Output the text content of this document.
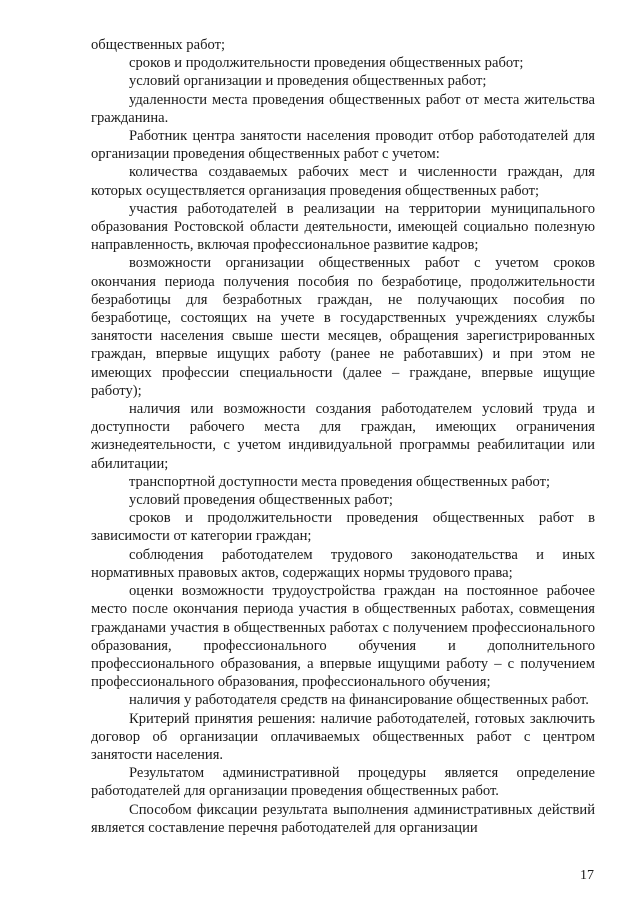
общественных работ;

сроков и продолжительности проведения общественных работ;

условий организации и проведения общественных работ;

удаленности места проведения общественных работ от места жительства гражданина.

Работник центра занятости населения проводит отбор работодателей для организации проведения общественных работ с учетом:

количества создаваемых рабочих мест и численности граждан, для которых осуществляется организация проведения общественных работ;

участия работодателей в реализации на территории муниципального образования Ростовской области деятельности, имеющей социально полезную направленность, включая профессиональное развитие кадров;

возможности организации общественных работ с учетом сроков окончания периода получения пособия по безработице, продолжительности безработицы для безработных граждан, не получающих пособия по безработице, состоящих на учете в государственных учреждениях службы занятости населения свыше шести месяцев, обращения зарегистрированных граждан, впервые ищущих работу (ранее не работавших) и при этом не имеющих профессии специальности (далее – граждане, впервые ищущие работу);

наличия или возможности создания работодателем условий труда и доступности рабочего места для граждан, имеющих ограничения жизнедеятельности, с учетом индивидуальной программы реабилитации или абилитации;

транспортной доступности места проведения общественных работ;

условий проведения общественных работ;

сроков и продолжительности проведения общественных работ в зависимости от категории граждан;

соблюдения работодателем трудового законодательства и иных нормативных правовых актов, содержащих нормы трудового права;

оценки возможности трудоустройства граждан на постоянное рабочее место после окончания периода участия в общественных работах, совмещения гражданами участия в общественных работах с получением профессионального образования, профессионального обучения и дополнительного профессионального образования, а впервые ищущими работу – с получением профессионального образования, профессионального обучения;

наличия у работодателя средств на финансирование общественных работ.

Критерий принятия решения: наличие работодателей, готовых заключить договор об организации оплачиваемых общественных работ с центром занятости населения.

Результатом административной процедуры является определение работодателей для организации проведения общественных работ.

Способом фиксации результата выполнения административных действий является составление перечня работодателей для организации

17
